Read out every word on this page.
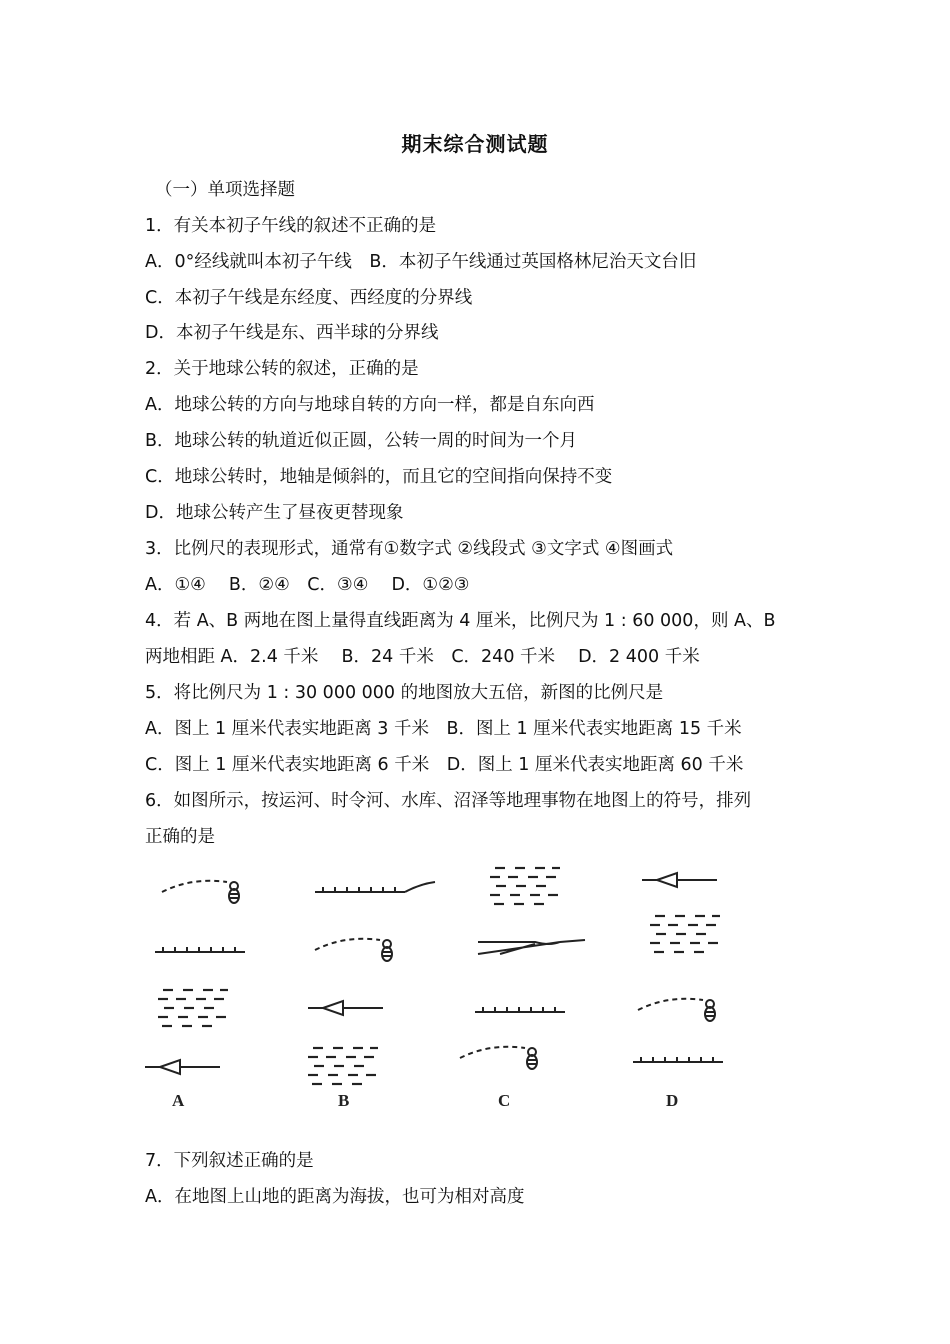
期末综合测试题
（一）单项选择题
1．有关本初子午线的叙述不正确的是
A．0°经线就叫本初子午线　B．本初子午线通过英国格林尼治天文台旧
C．本初子午线是东经度、西经度的分界线
D．本初子午线是东、西半球的分界线
2．关于地球公转的叙述，正确的是
A．地球公转的方向与地球自转的方向一样，都是自东向西
B．地球公转的轨道近似正圆，公转一周的时间为一个月
C．地球公转时，地轴是倾斜的，而且它的空间指向保持不变
D．地球公转产生了昼夜更替现象
3．比例尺的表现形式，通常有①数字式 ②线段式 ③文字式 ④图画式
A．①④　 B．②④　C．③④　 D．①②③
4．若 A、B 两地在图上量得直线距离为 4 厘米，比例尺为 1 : 60 000，则 A、B
两地相距 A．2.4 千米　 B．24 千米　C．240 千米　 D．2 400 千米
5．将比例尺为 1 : 30 000 000 的地图放大五倍，新图的比例尺是
A．图上 1 厘米代表实地距离 3 千米　B．图上 1 厘米代表实地距离 15 千米
C．图上 1 厘米代表实地距离 6 千米　D．图上 1 厘米代表实地距离 60 千米
6．如图所示，按运河、时令河、水库、沼泽等地理事物在地图上的符号，排列
正确的是
A	B	C	D
7．下列叙述正确的是
A．在地图上山地的距离为海拔，也可为相对高度
